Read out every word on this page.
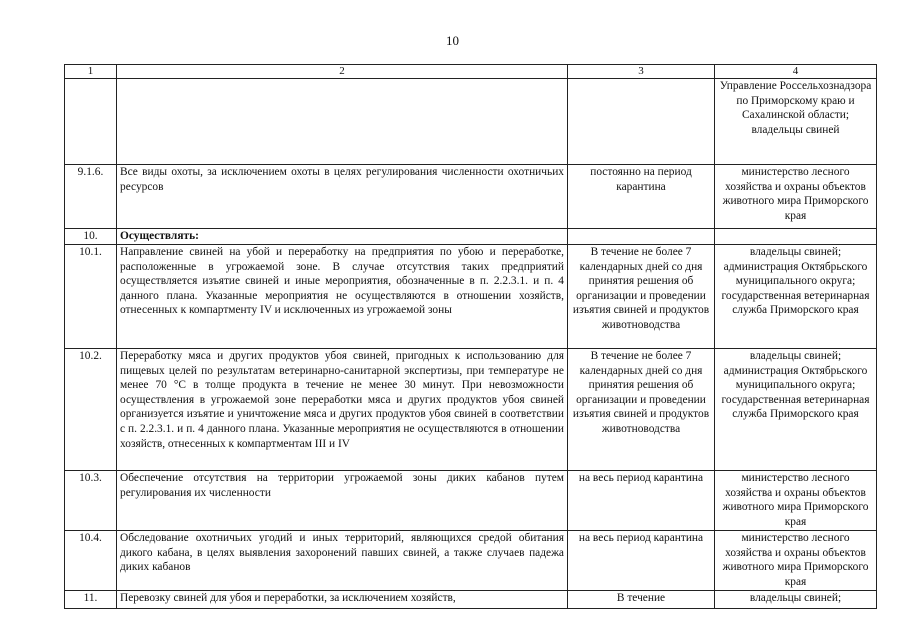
10
1	2	3	4
			Управление Россельхознадзора по Приморскому краю и Сахалинской области; владельцы свиней
9.1.6.	Все виды охоты, за исключением охоты в целях регулирования численности охотничьих ресурсов	постоянно на период карантина	министерство лесного хозяйства и охраны объектов животного мира Приморского края
10.	Осуществлять:		
10.1.	Направление свиней на убой и переработку на предприятия по убою и переработке, расположенные в угрожаемой зоне. В случае отсутствия таких предприятий осуществляется изъятие свиней и иные мероприятия, обозначенные в п. 2.2.3.1. и п. 4 данного плана. Указанные мероприятия не осуществляются в отношении хозяйств, отнесенных к компартменту IV и исключенных из угрожаемой зоны	В течение не более 7 календарных дней со дня принятия решения об организации и проведении изъятия свиней и продуктов животноводства	владельцы свиней; администрация Октябрьского муниципального округа; государственная ветеринарная служба Приморского края
10.2.	Переработку мяса и других продуктов убоя свиней, пригодных к использованию для пищевых целей по результатам ветеринарно-санитарной экспертизы, при температуре не менее 70 °С в толще продукта в течение не менее 30 минут. При невозможности осуществления в угрожаемой зоне переработки мяса и других продуктов убоя свиней организуется изъятие и уничтожение мяса и других продуктов убоя свиней в соответствии с п. 2.2.3.1. и п. 4 данного плана. Указанные мероприятия не осуществляются в отношении хозяйств, отнесенных к компартментам III и IV	В течение не более 7 календарных дней со дня принятия решения об организации и проведении изъятия свиней и продуктов животноводства	владельцы свиней; администрация Октябрьского муниципального округа; государственная ветеринарная служба Приморского края
10.3.	Обеспечение отсутствия на территории угрожаемой зоны диких кабанов путем регулирования их численности	на весь период карантина	министерство лесного хозяйства и охраны объектов животного мира Приморского края
10.4.	Обследование охотничьих угодий и иных территорий, являющихся средой обитания дикого кабана, в целях выявления захоронений павших свиней, а также случаев падежа диких кабанов	на весь период карантина	министерство лесного хозяйства и охраны объектов животного мира Приморского края
11.	Перевозку свиней для убоя и переработки, за исключением хозяйств,	В течение	владельцы свиней;
